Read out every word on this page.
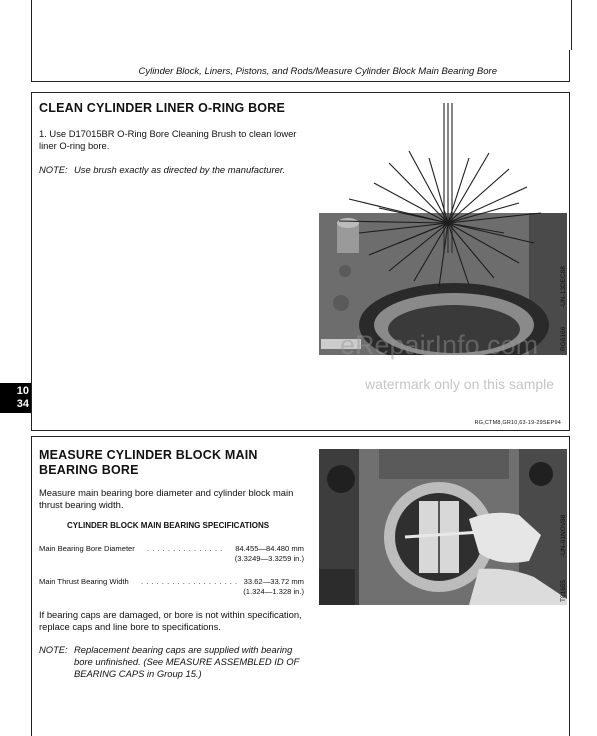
Cylinder Block, Liners, Pistons, and Rods/Measure Cylinder Block Main Bearing Bore
CLEAN CYLINDER LINER O-RING BORE
1. Use D17015BR O-Ring Bore Cleaning Brush to clean lower liner O-ring bore.
NOTE: Use brush exactly as directed by the manufacturer.
RG6166
-UN-13DEC88
RG,CTM8,GR10,63-19-29SEP94
10
34
MEASURE CYLINDER BLOCK MAIN
BEARING BORE
Measure main bearing bore diameter and cylinder block main thrust bearing width.
CYLINDER BLOCK MAIN BEARING SPECIFICATIONS
Main Bearing Bore Diameter . . . . . . . . . . . . . . . 84.455—84.480 mm
(3.3249—3.3259 in.)
Main Thrust Bearing Width . . . . . . . . . . . . . . . . . . . 33.62—33.72 mm
(1.324—1.328 in.)
If bearing caps are damaged, or bore is not within specification, replace caps and line bore to specifications.
NOTE: Replacement bearing caps are supplied with bearing bore unfinished. (See MEASURE ASSEMBLED ID OF BEARING CAPS in Group 15.)
T81655
-UN-01NOV88
eRepairInfo.com
watermark only on this sample
